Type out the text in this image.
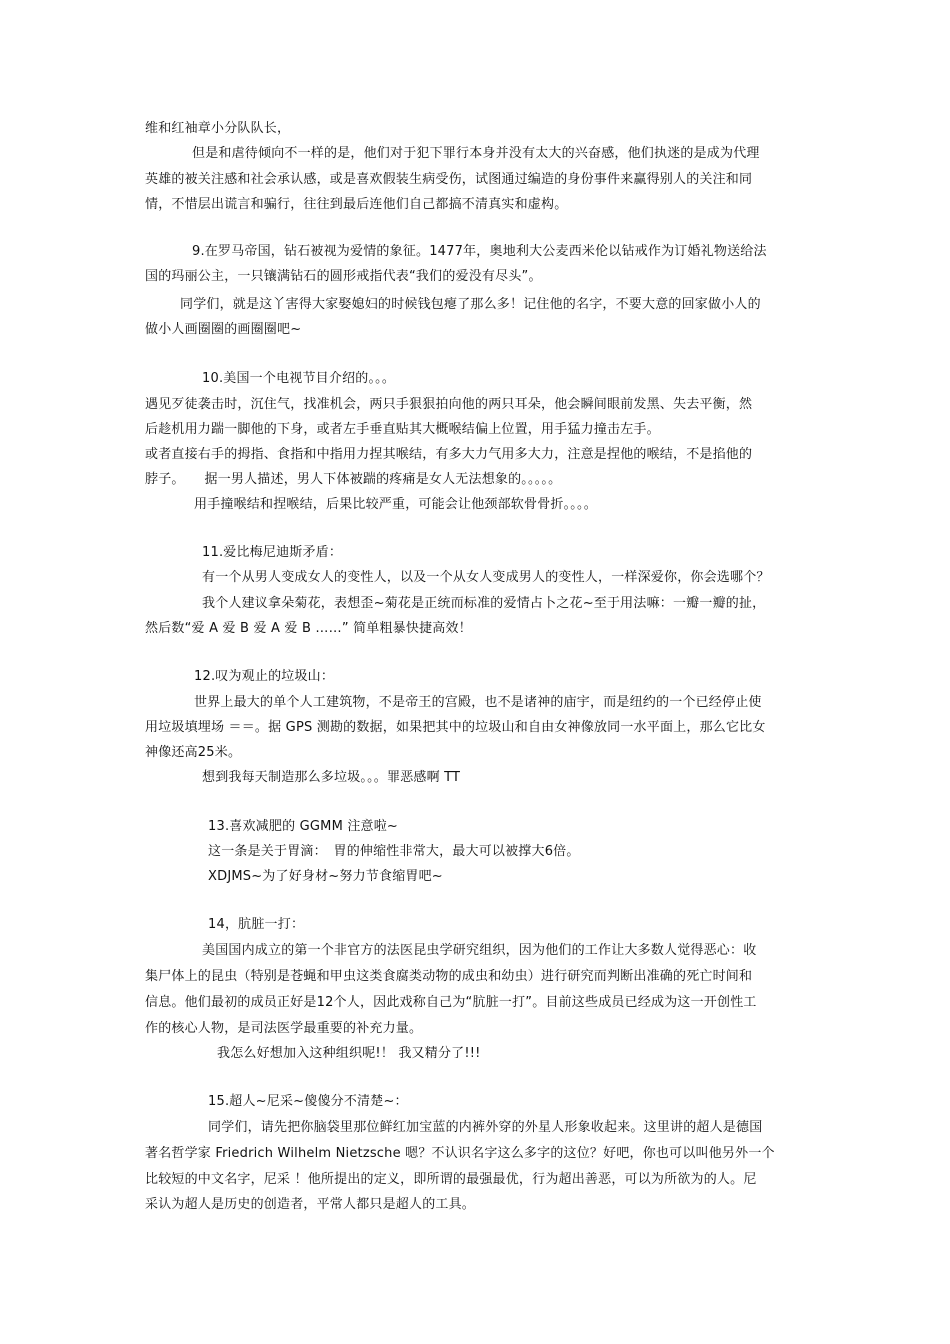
维和红袖章小分队队长，
但是和虐待倾向不一样的是，他们对于犯下罪行本身并没有太大的兴奋感，他们执迷的是成为代理
英雄的被关注感和社会承认感，或是喜欢假装生病受伤，试图通过编造的身份事件来赢得别人的关注和同
情，不惜层出谎言和骗行，往往到最后连他们自己都搞不清真实和虚构。
9.在罗马帝国，钻石被视为爱情的象征。1477年，奥地利大公麦西米伦以钻戒作为订婚礼物送给法
国的玛丽公主，一只镶满钻石的圆形戒指代表“我们的爱没有尽头”。
同学们，就是这丫害得大家娶媳妇的时候钱包瘪了那么多！记住他的名字，不要大意的回家做小人的
做小人画圈圈的画圈圈吧~
10.美国一个电视节目介绍的。。。
遇见歹徒袭击时，沉住气，找准机会，两只手狠狠拍向他的两只耳朵，他会瞬间眼前发黑、失去平衡，然
后趁机用力踹一脚他的下身，或者左手垂直贴其大概喉结偏上位置，用手猛力撞击左手。
或者直接右手的拇指、食指和中指用力捏其喉结，有多大力气用多大力，注意是捏他的喉结，不是掐他的
脖子。　　据一男人描述，男人下体被踹的疼痛是女人无法想象的。。。。。
用手撞喉结和捏喉结，后果比较严重，可能会让他颈部软骨骨折。。。。
11.爱比梅尼迪斯矛盾：
有一个从男人变成女人的变性人，以及一个从女人变成男人的变性人，一样深爱你，你会选哪个？
我个人建议拿朵菊花，表想歪~菊花是正统而标准的爱情占卜之花~至于用法嘛：一瓣一瓣的扯，
然后数“爱 A 爱 B 爱 A 爱 B ……” 简单粗暴快捷高效！
12.叹为观止的垃圾山：
世界上最大的单个人工建筑物，不是帝王的宫殿，也不是诸神的庙宇，而是纽约的一个已经停止使
用垃圾填埋场 ＝＝。据 GPS 测勘的数据，如果把其中的垃圾山和自由女神像放同一水平面上，那么它比女
神像还高25米。
想到我每天制造那么多垃圾。。。罪恶感啊 TT
13.喜欢减肥的 GGMM 注意啦~
这一条是关于胃滴：　胃的伸缩性非常大，最大可以被撑大6倍。
XDJMS~为了好身材~努力节食缩胃吧~
14，肮脏一打：
美国国内成立的第一个非官方的法医昆虫学研究组织，因为他们的工作让大多数人觉得恶心：收
集尸体上的昆虫（特别是苍蝇和甲虫这类食腐类动物的成虫和幼虫）进行研究而判断出准确的死亡时间和
信息。他们最初的成员正好是12个人，因此戏称自己为“肮脏一打”。目前这些成员已经成为这一开创性工
作的核心人物，是司法医学最重要的补充力量。
我怎么好想加入这种组织呢!！ 我又精分了!!!
15.超人~尼采~傻傻分不清楚~：
同学们，请先把你脑袋里那位鲜红加宝蓝的内裤外穿的外星人形象收起来。这里讲的超人是德国
著名哲学家 Friedrich Wilhelm Nietzsche 嗯？不认识名字这么多字的这位？好吧，你也可以叫他另外一个
比较短的中文名字，尼采 ！他所提出的定义，即所谓的最强最优，行为超出善恶，可以为所欲为的人。尼
采认为超人是历史的创造者，平常人都只是超人的工具。
